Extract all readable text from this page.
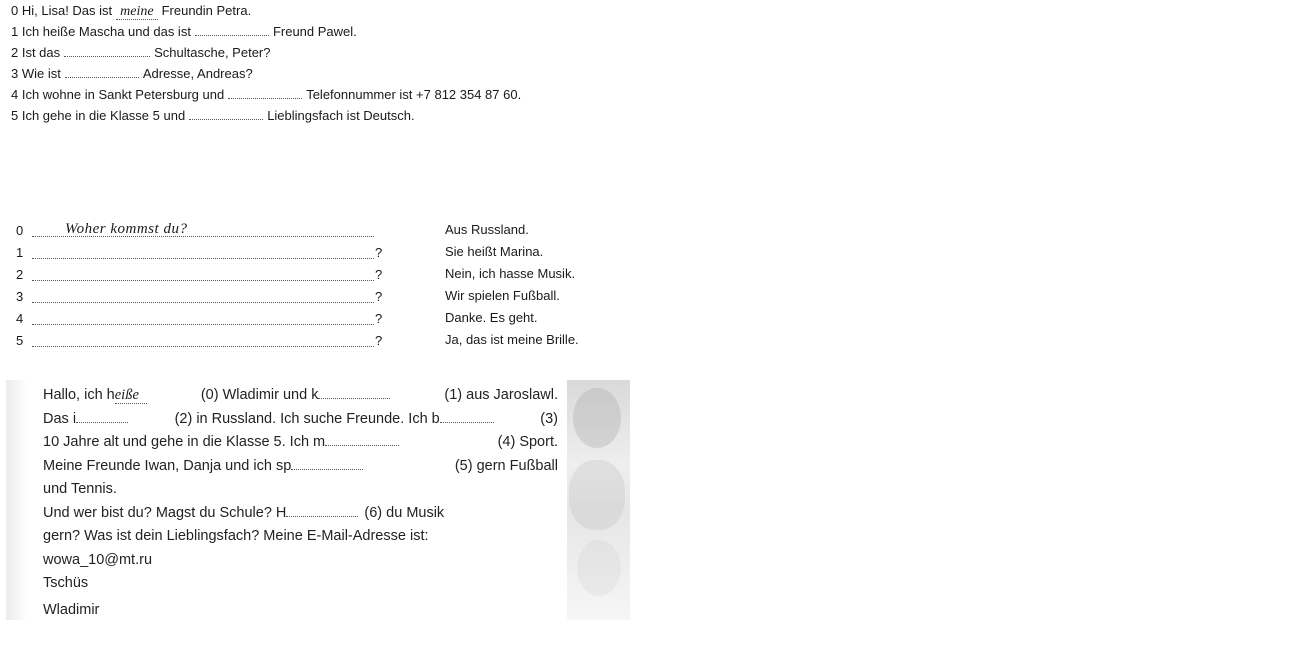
0 Hi, Lisa! Das ist meine Freundin Petra.
1 Ich heiße Mascha und das ist	Freund Pawel.
2 Ist das	Schultasche, Peter?
3 Wie ist	Adresse, Andreas?
4 Ich wohne in Sankt Petersburg und	Telefonnummer ist +7 812 354 87 60.
5 Ich gehe in die Klasse 5 und	Lieblingsfach ist Deutsch.
0	Woher kommst du?	Aus Russland.
1	?	Sie heißt Marina.
2	?	Nein, ich hasse Musik.
3	?	Wir spielen Fußball.
4	?	Danke. Es geht.
5	?	Ja, das ist meine Brille.
Hallo, ich heiße	(0) Wladimir und k	(1) aus Jaroslawl.
Das i	(2) in Russland. Ich suche Freunde. Ich b	(3)
10 Jahre alt und gehe in die Klasse 5. Ich m	(4) Sport.
Meine Freunde Iwan, Danja und ich sp	(5) gern Fußball
und Tennis.
Und wer bist du? Magst du Schule? H	(6) du Musik
gern? Was ist dein Lieblingsfach? Meine E-Mail-Adresse ist:
wowa_10@mt.ru
Tschüs
Wladimir
